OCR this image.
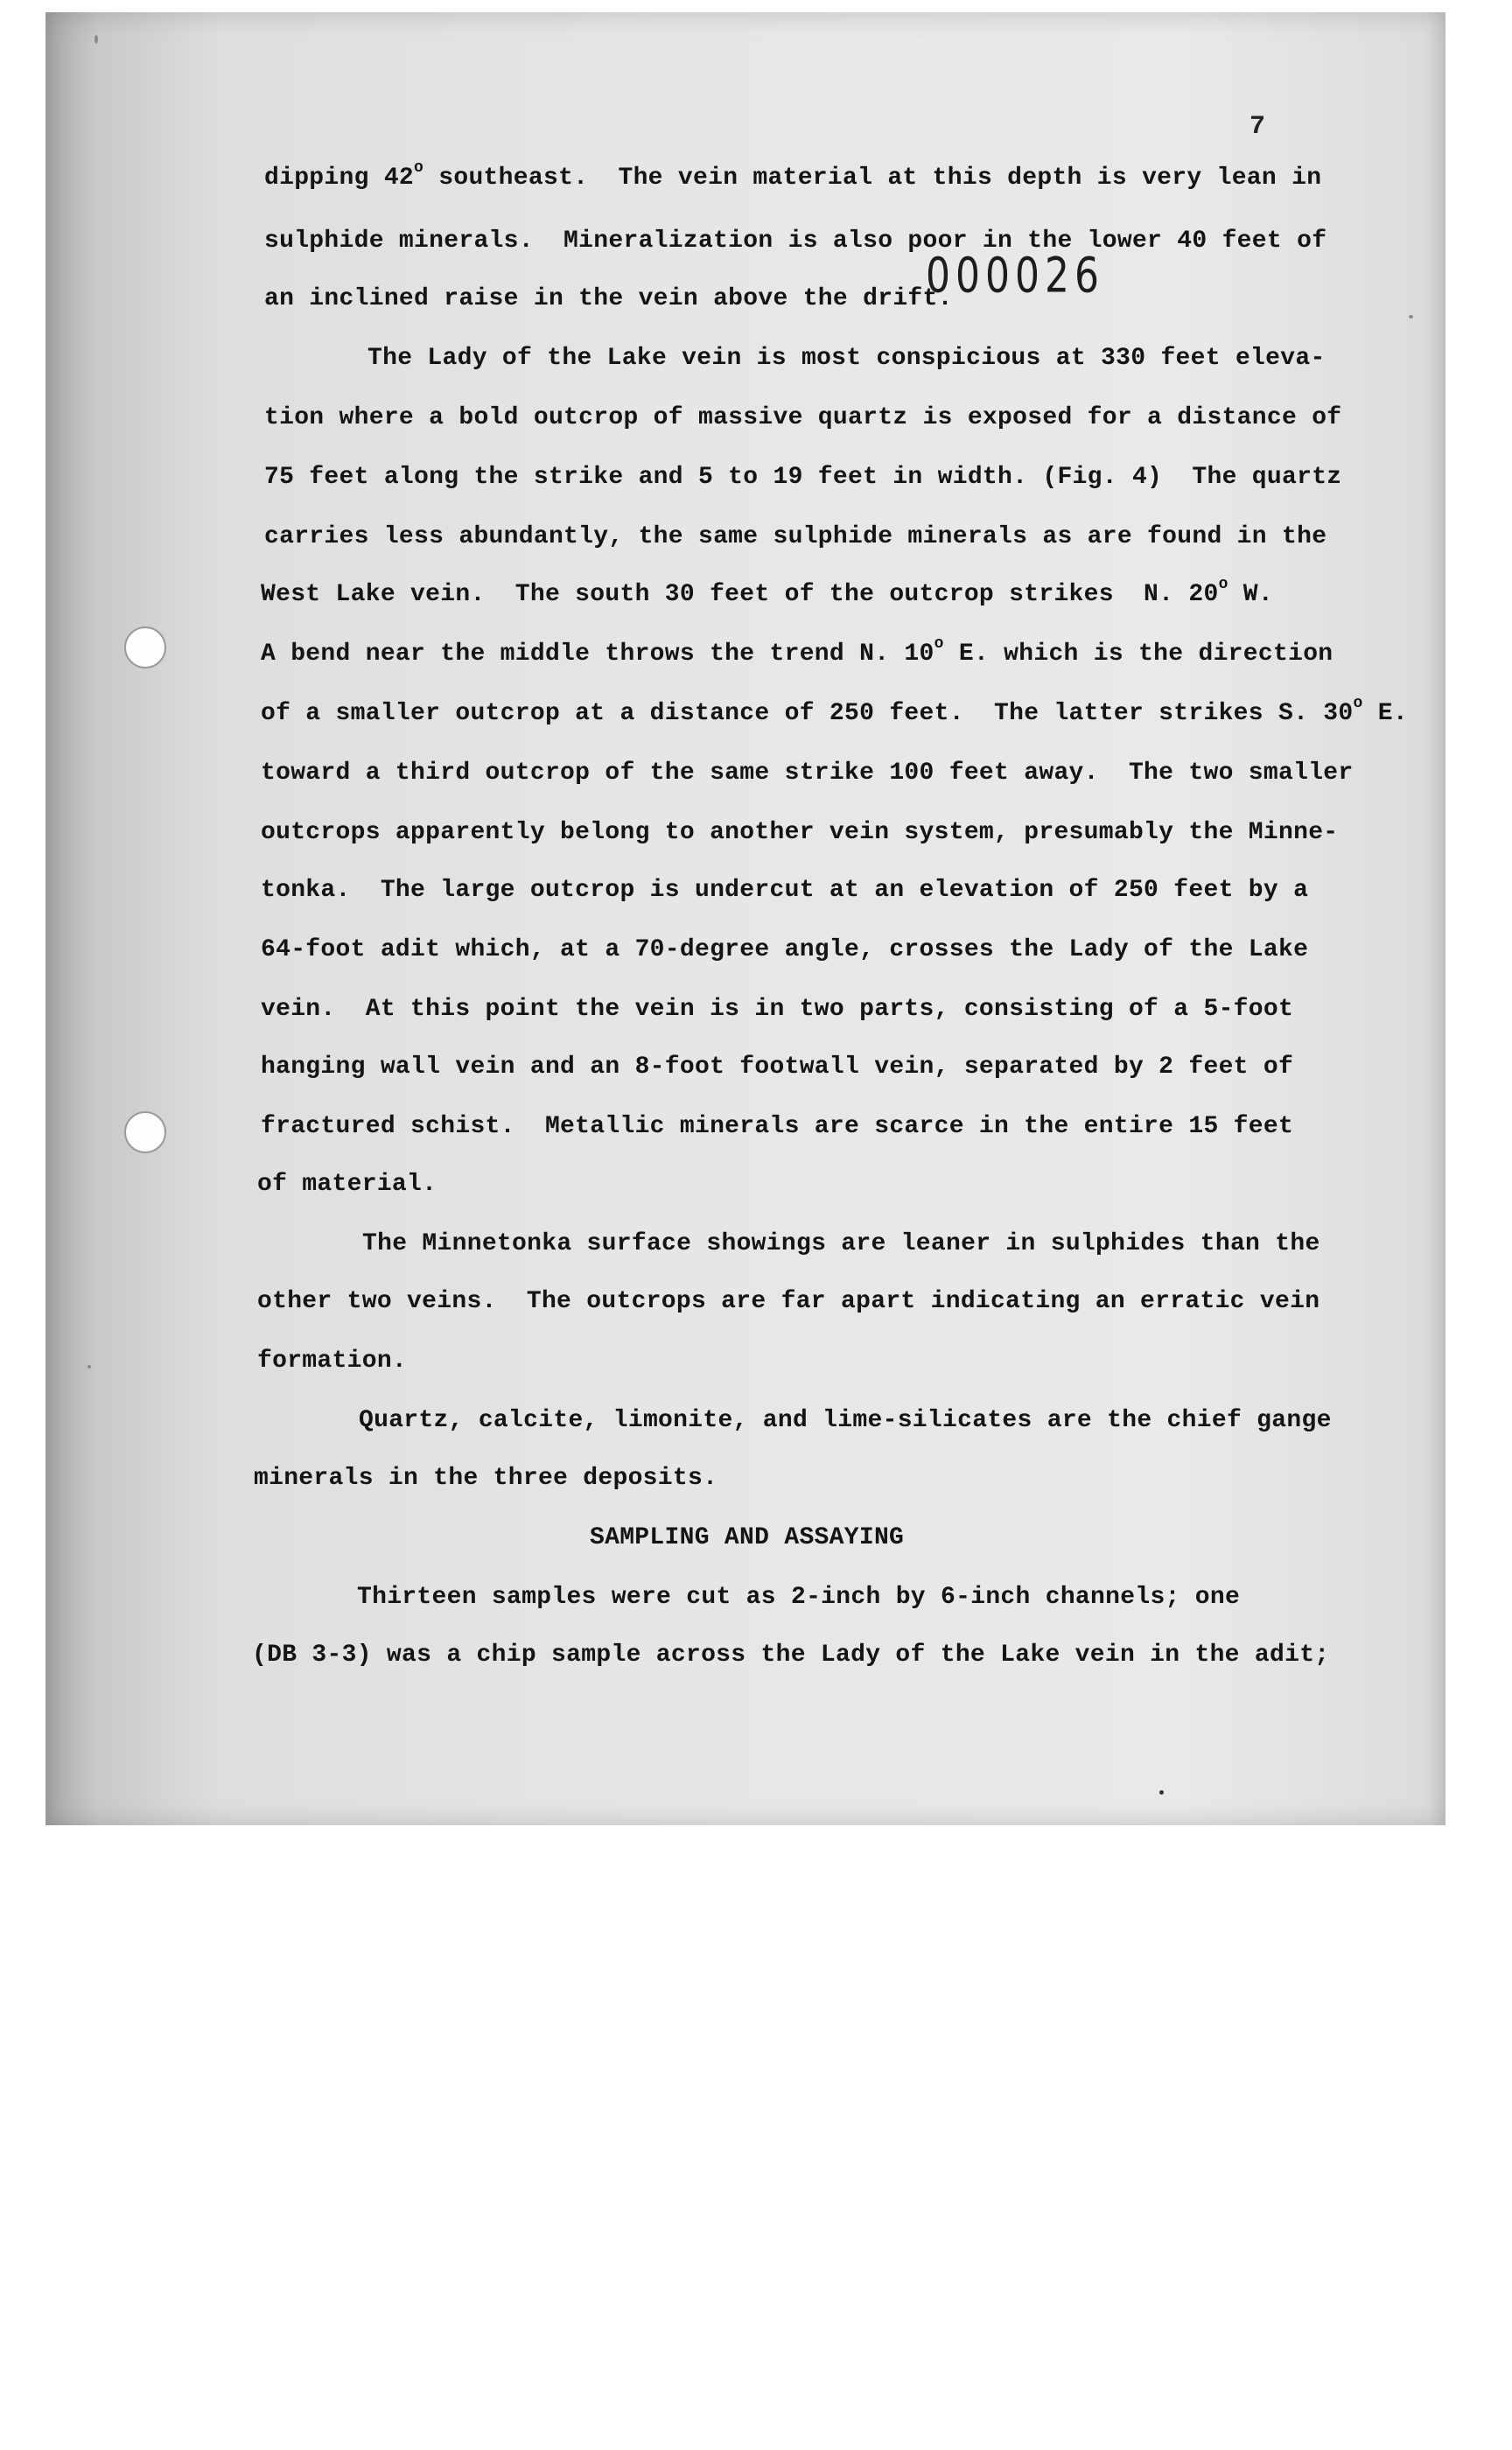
7
000026
dipping 42$^o$ southeast.  The vein material at this depth is very lean in
sulphide minerals.  Mineralization is also poor in the lower 40 feet of
an inclined raise in the vein above the drift.
The Lady of the Lake vein is most conspicious at 330 feet eleva-
tion where a bold outcrop of massive quartz is exposed for a distance of
75 feet along the strike and 5 to 19 feet in width. (Fig. 4)  The quartz
carries less abundantly, the same sulphide minerals as are found in the
West Lake vein.  The south 30 feet of the outcrop strikes  N. 20$^o$ W.
A bend near the middle throws the trend N. 10$^o$ E. which is the direction
of a smaller outcrop at a distance of 250 feet.  The latter strikes S. 30$^o$ E.
toward a third outcrop of the same strike 100 feet away.  The two smaller
outcrops apparently belong to another vein system, presumably the Minne-
tonka.  The large outcrop is undercut at an elevation of 250 feet by a
64-foot adit which, at a 70-degree angle, crosses the Lady of the Lake
vein.  At this point the vein is in two parts, consisting of a 5-foot
hanging wall vein and an 8-foot footwall vein, separated by 2 feet of
fractured schist.  Metallic minerals are scarce in the entire 15 feet
of material.
The Minnetonka surface showings are leaner in sulphides than the
other two veins.  The outcrops are far apart indicating an erratic vein
formation.
Quartz, calcite, limonite, and lime-silicates are the chief gange
minerals in the three deposits.
SAMPLING AND ASSAYING
Thirteen samples were cut as 2-inch by 6-inch channels; one
(DB 3-3) was a chip sample across the Lady of the Lake vein in the adit;
